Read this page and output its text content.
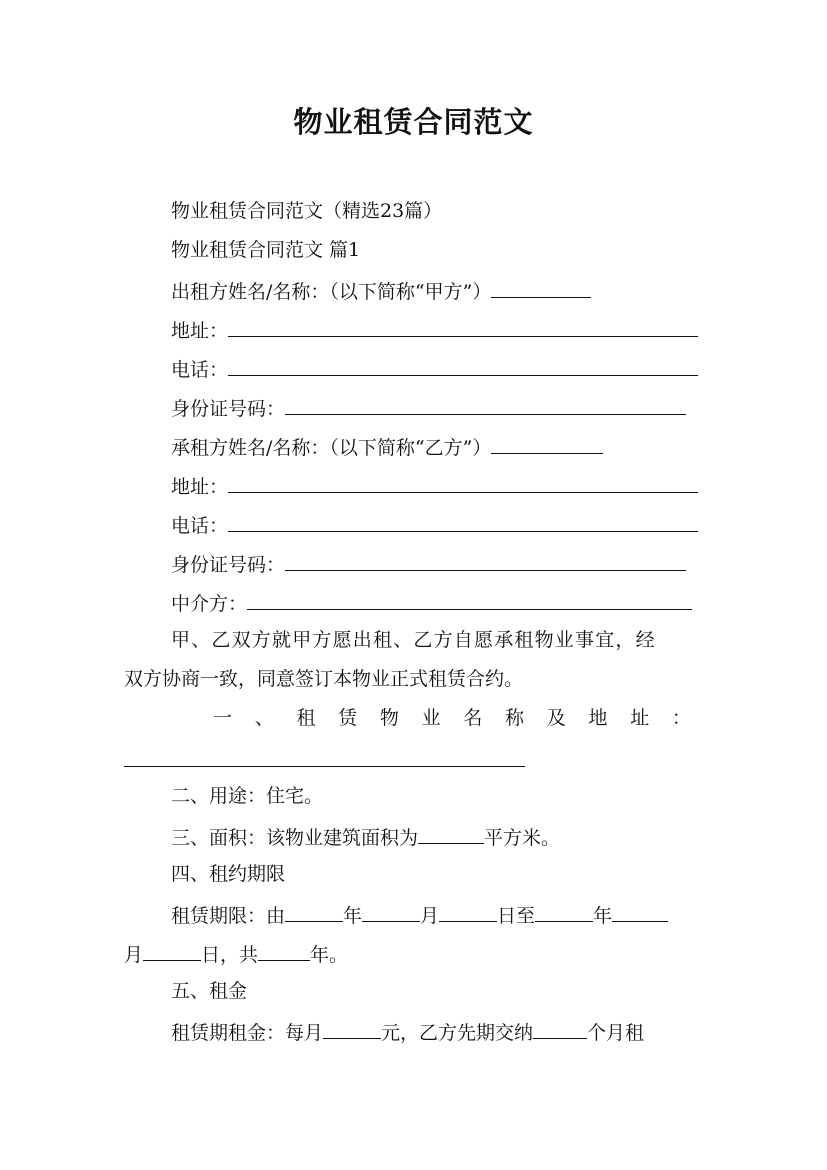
物业租赁合同范文
物业租赁合同范文（精选23篇）
物业租赁合同范文 篇1
出租方姓名/名称：（以下简称“甲方”）
地址：
电话：
身份证号码：
承租方姓名/名称：（以下简称“乙方”）
地址：
电话：
身份证号码：
中介方：
甲、乙双方就甲方愿出租、乙方自愿承租物业事宜，经
双方协商一致，同意签订本物业正式租赁合约。
一 、 租 赁 物 业 名 称 及 地 址 ：
二、用途：住宅。
三、面积：该物业建筑面积为	平方米。
四、租约期限
租赁期限：由	年	月	日至	年
月	日，共	年。
五、租金
租赁期租金：每月	元，乙方先期交纳	个月租
